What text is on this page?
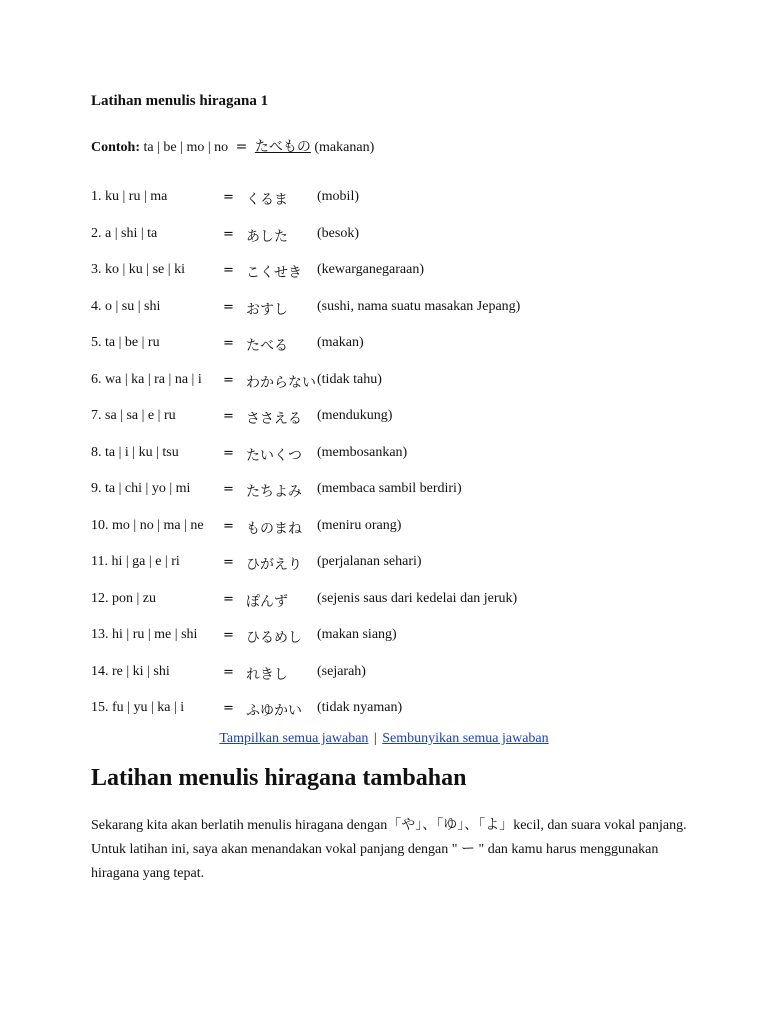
Latihan menulis hiragana 1
Contoh: ta | be | mo | no = たべもの (makanan)
1. ku | ru | ma	= くるま (mobil)
2. a | shi | ta	= あした (besok)
3. ko | ku | se | ki	= こくせき (kewarganegaraan)
4. o | su | shi	= おすし (sushi, nama suatu masakan Jepang)
5. ta | be | ru	= たべる (makan)
6. wa | ka | ra | na | i = わからない (tidak tahu)
7. sa | sa | e | ru	= ささえる (mendukung)
8. ta | i | ku | tsu	= たいくつ (membosankan)
9. ta | chi | yo | mi	= たちよみ (membaca sambil berdiri)
10. mo | no | ma | ne = ものまね (meniru orang)
11. hi | ga | e | ri	= ひがえり (perjalanan sehari)
12. pon | zu	= ぽんず (sejenis saus dari kedelai dan jeruk)
13. hi | ru | me | shi = ひるめし (makan siang)
14. re | ki | shi	= れきし (sejarah)
15. fu | yu | ka | i	= ふゆかい (tidak nyaman)
Tampilkan semua jawaban | Sembunyikan semua jawaban
Latihan menulis hiragana tambahan

Sekarang kita akan berlatih menulis hiragana dengan「や」、「ゆ」、「よ」kecil, dan suara vokal panjang. Untuk latihan ini, saya akan menandakan vokal panjang dengan " ー " dan kamu harus menggunakan hiragana yang tepat.
